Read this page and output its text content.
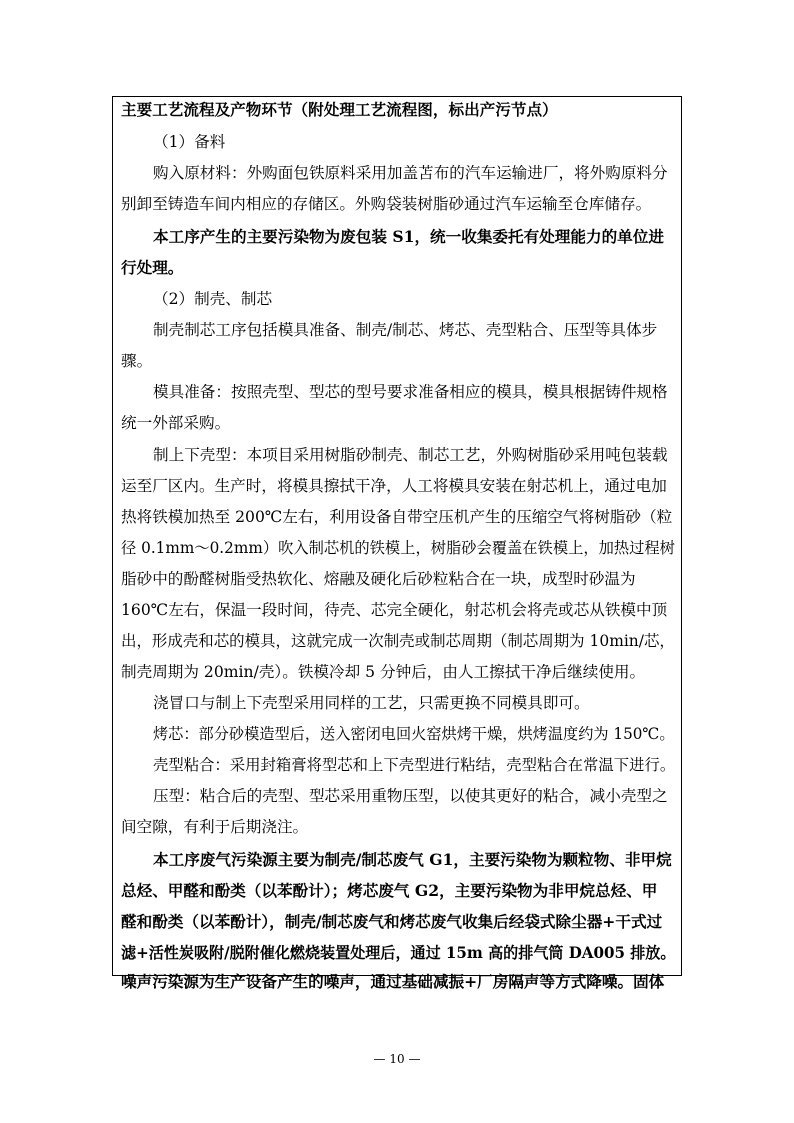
主要工艺流程及产物环节（附处理工艺流程图，标出产污节点）
（1）备料
购入原材料：外购面包铁原料采用加盖苫布的汽车运输进厂，将外购原料分
别卸至铸造车间内相应的存储区。外购袋装树脂砂通过汽车运输至仓库储存。
本工序产生的主要污染物为废包装 S1，统一收集委托有处理能力的单位进
行处理。
（2）制壳、制芯
制壳制芯工序包括模具准备、制壳/制芯、烤芯、壳型粘合、压型等具体步
骤。
模具准备：按照壳型、型芯的型号要求准备相应的模具，模具根据铸件规格
统一外部采购。
制上下壳型：本项目采用树脂砂制壳、制芯工艺，外购树脂砂采用吨包装载
运至厂区内。生产时，将模具擦拭干净，人工将模具安装在射芯机上，通过电加
热将铁模加热至 200℃左右，利用设备自带空压机产生的压缩空气将树脂砂（粒
径 0.1mm～0.2mm）吹入制芯机的铁模上，树脂砂会覆盖在铁模上，加热过程树
脂砂中的酚醛树脂受热软化、熔融及硬化后砂粒粘合在一块，成型时砂温为
160℃左右，保温一段时间，待壳、芯完全硬化，射芯机会将壳或芯从铁模中顶
出，形成壳和芯的模具，这就完成一次制壳或制芯周期（制芯周期为 10min/芯，
制壳周期为 20min/壳）。铁模冷却 5 分钟后，由人工擦拭干净后继续使用。
浇冒口与制上下壳型采用同样的工艺，只需更换不同模具即可。
烤芯：部分砂模造型后，送入密闭电回火窑烘烤干燥，烘烤温度约为 150℃。
壳型粘合：采用封箱膏将型芯和上下壳型进行粘结，壳型粘合在常温下进行。
压型：粘合后的壳型、型芯采用重物压型，以使其更好的粘合，减小壳型之
间空隙，有利于后期浇注。
本工序废气污染源主要为制壳/制芯废气 G1，主要污染物为颗粒物、非甲烷
总烃、甲醛和酚类（以苯酚计）；烤芯废气 G2，主要污染物为非甲烷总烃、甲
醛和酚类（以苯酚计），制壳/制芯废气和烤芯废气收集后经袋式除尘器+干式过
滤+活性炭吸附/脱附催化燃烧装置处理后，通过 15m 高的排气筒 DA005 排放。
噪声污染源为生产设备产生的噪声，通过基础减振+厂房隔声等方式降噪。固体
— 10 —
